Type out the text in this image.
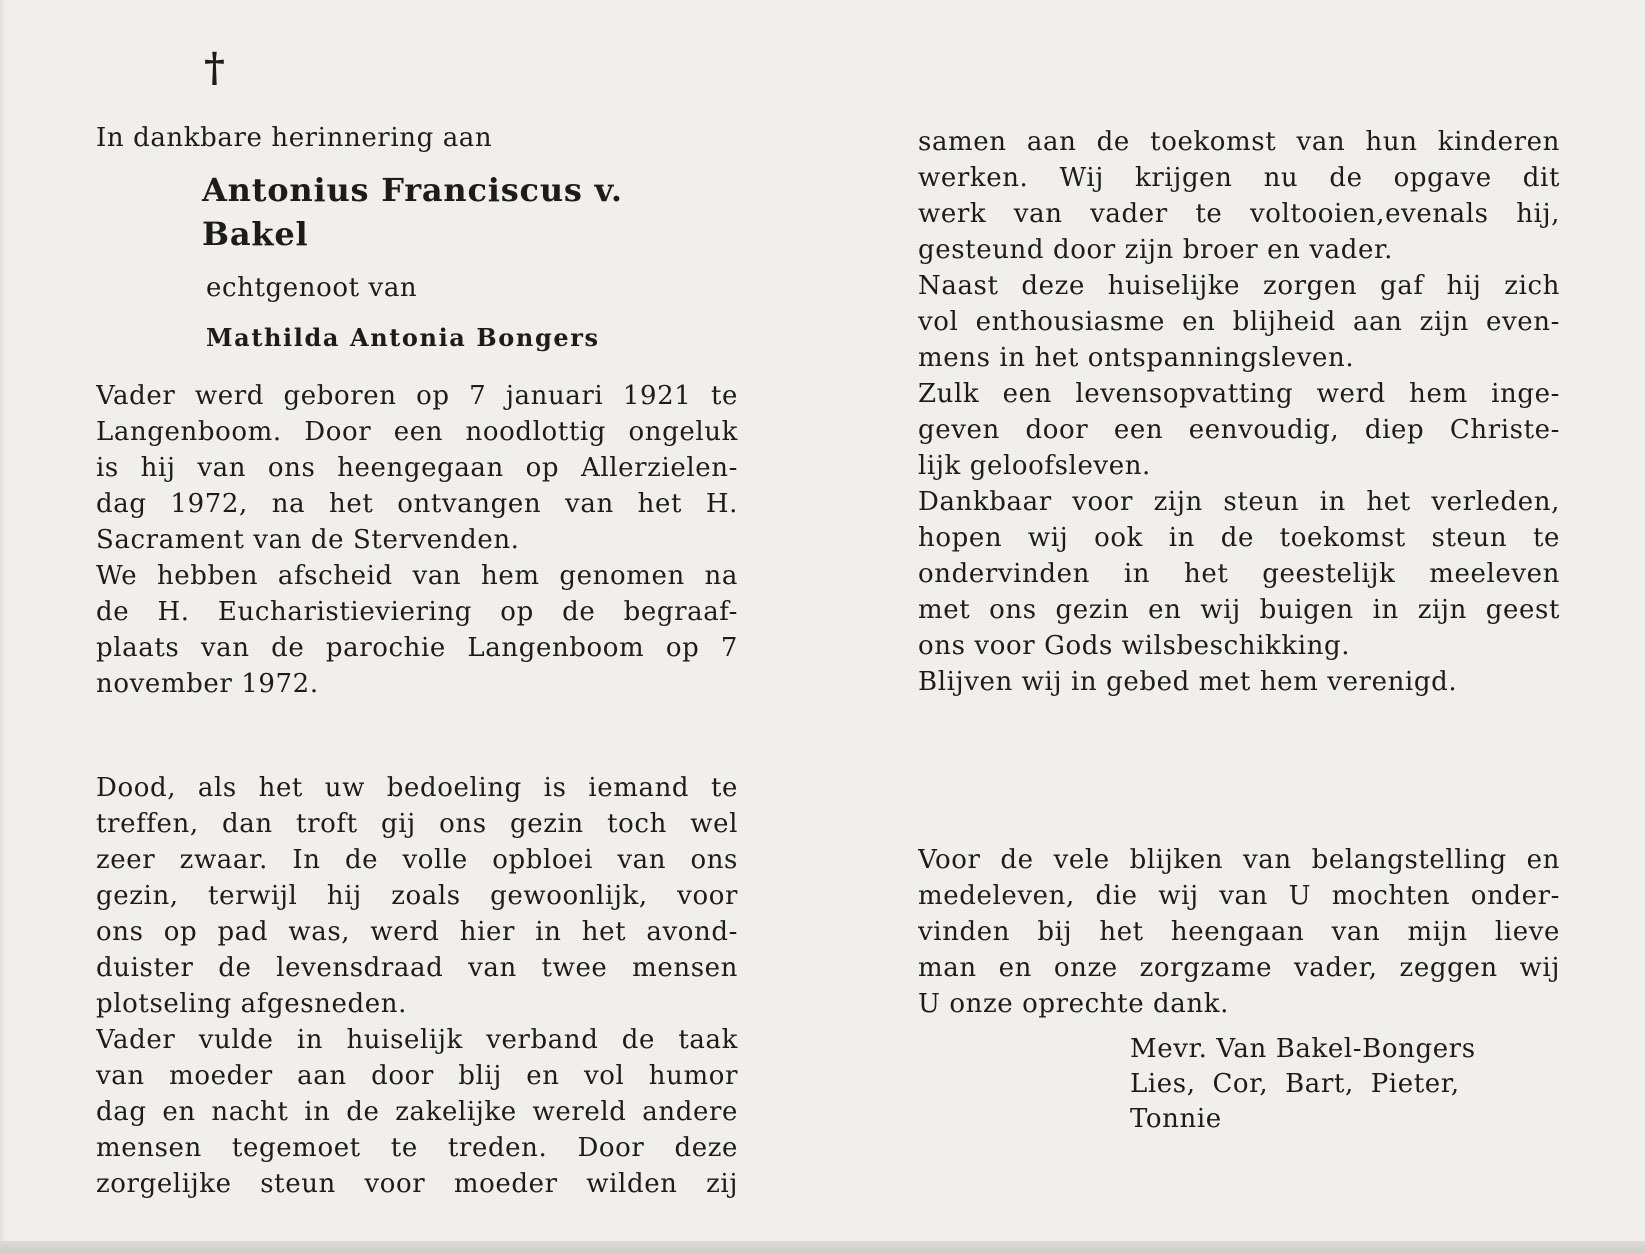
†
In dankbare herinnering aan
Antonius Franciscus v. Bakel
echtgenoot van
Mathilda Antonia Bongers
Vader werd geboren op 7 januari 1921 te
Langenboom. Door een noodlottig ongeluk
is hij van ons heengegaan op Allerzielen-
dag 1972, na het ontvangen van het H.
Sacrament van de Stervenden.
We hebben afscheid van hem genomen na
de H. Eucharistieviering op de begraaf-
plaats van de parochie Langenboom op 7
november 1972.
Dood, als het uw bedoeling is iemand te
treffen, dan troft gij ons gezin toch wel
zeer zwaar. In de volle opbloei van ons
gezin, terwijl hij zoals gewoonlijk, voor
ons op pad was, werd hier in het avond-
duister de levensdraad van twee mensen
plotseling afgesneden.
Vader vulde in huiselijk verband de taak
van moeder aan door blij en vol humor
dag en nacht in de zakelijke wereld andere
mensen tegemoet te treden. Door deze
zorgelijke steun voor moeder wilden zij
samen aan de toekomst van hun kinderen
werken. Wij krijgen nu de opgave dit
werk van vader te voltooien,evenals hij,
gesteund door zijn broer en vader.
Naast deze huiselijke zorgen gaf hij zich
vol enthousiasme en blijheid aan zijn even-
mens in het ontspanningsleven.
Zulk een levensopvatting werd hem inge-
geven door een eenvoudig, diep Christe-
lijk geloofsleven.
Dankbaar voor zijn steun in het verleden,
hopen wij ook in de toekomst steun te
ondervinden in het geestelijk meeleven
met ons gezin en wij buigen in zijn geest
ons voor Gods wilsbeschikking.
Blijven wij in gebed met hem verenigd.
Voor de vele blijken van belangstelling en
medeleven, die wij van U mochten onder-
vinden bij het heengaan van mijn lieve
man en onze zorgzame vader, zeggen wij
U onze oprechte dank.
Mevr. Van Bakel-Bongers
Lies, Cor, Bart, Pieter,
Tonnie
